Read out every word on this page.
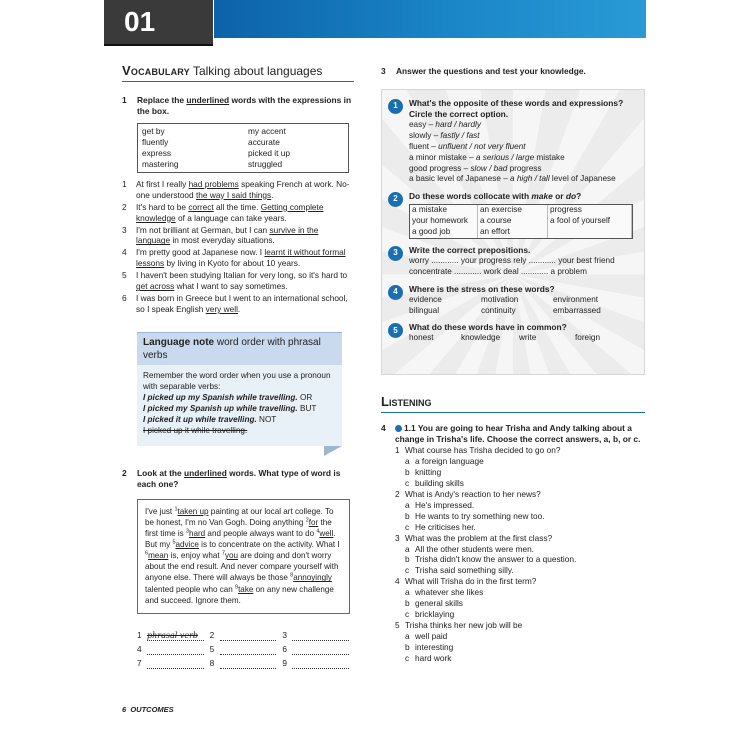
01
Vocabulary Talking about languages
1	Replace the underlined words with the expressions in the box.
get by	my accent
fluently	accurate
express	picked it up
mastering	struggled
1	At first I really had problems speaking French at work. No-one understood the way I said things.
2	It's hard to be correct all the time. Getting complete knowledge of a language can take years.
3	I'm not brilliant at German, but I can survive in the language in most everyday situations.
4	I'm pretty good at Japanese now. I learnt it without formal lessons by living in Kyoto for about 10 years.
5	I haven't been studying Italian for very long, so it's hard to get across what I want to say sometimes.
6	I was born in Greece but I went to an international school, so I speak English very well.
Language note word order with phrasal verbs
Remember the word order when you use a pronoun with separable verbs:
I picked up my Spanish while travelling. OR
I picked my Spanish up while travelling. BUT
I picked it up while travelling. NOT
I picked up it while travelling.
2	Look at the underlined words. What type of word is each one?
I've just $^1$taken up painting at our local art college. To be honest, I'm no Van Gogh. Doing anything $^2$for the first time is $^3$hard and people always want to do $^4$well. But my $^5$advice is to concentrate on the activity. What I $^6$mean is, enjoy what $^7$you are doing and don't worry about the end result. And never compare yourself with anyone else. There will always be those $^8$annoyingly talented people who can $^9$take on any new challenge and succeed. Ignore them.
1 phrasal verb	2	3
4	5	6
7	8	9
3	Answer the questions and test your knowledge.
1	What's the opposite of these words and expressions? Circle the correct option.
easy – hard / hardly
slowly – fastly / fast
fluent – unfluent / not very fluent
a minor mistake – a serious / large mistake
good progress – slow / bad progress
a basic level of Japanese – a high / tall level of Japanese
2	Do these words collocate with make or do?
a mistake	an exercise	progress
your homework	a course	a fool of yourself
a good job	an effort
3	Write the correct prepositions.
worry ............ your progress rely ............ your best friend
concentrate ............ work deal ............ a problem
4	Where is the stress on these words?
evidence	motivation	environment
bilingual	continuity	embarrassed
5	What do these words have in common?
honest	knowledge	write	foreign
Listening
4	1.1 You are going to hear Trisha and Andy talking about a change in Trisha's life. Choose the correct answers, a, b, or c.
1 What course has Trisha decided to go on?
a a foreign language
b knitting
c building skills
2 What is Andy's reaction to her news?
a He's impressed.
b He wants to try something new too.
c He criticises her.
3 What was the problem at the first class?
a All the other students were men.
b Trisha didn't know the answer to a question.
c Trisha said something silly.
4 What will Trisha do in the first term?
a whatever she likes
b general skills
c bricklaying
5 Trisha thinks her new job will be
a well paid
b interesting
c hard work
6 OUTCOMES
